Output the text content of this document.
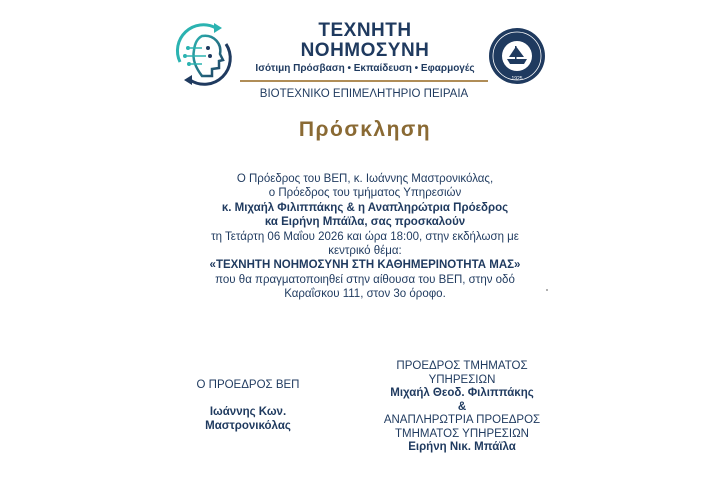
ΤΕΧΝΗΤΗ
ΝΟΗΜΟΣΥΝΗ
Ισότιμη Πρόσβαση • Εκπαίδευση • Εφαρμογές
ΒΙΟΤΕΧΝΙΚΟ ΕΠΙΜΕΛΗΤΗΡΙΟ ΠΕΙΡΑΙΑ
1925
Πρόσκληση
Ο Πρόεδρος του ΒΕΠ, κ. Ιωάννης Μαστρονικόλας,
ο Πρόεδρος του τμήματος Υπηρεσιών
κ. Μιχαήλ Φιλιππάκης & η Αναπληρώτρια Πρόεδρος
κα Ειρήνη Μπάϊλα, σας προσκαλούν
τη Τετάρτη 06 Μαΐου 2026 και ώρα 18:00, στην εκδήλωση με
κεντρικό θέμα:
«ΤΕΧΝΗΤΗ ΝΟΗΜΟΣΥΝΗ ΣΤΗ ΚΑΘΗΜΕΡΙΝΟΤΗΤΑ ΜΑΣ»
που θα πραγματοποιηθεί στην αίθουσα του ΒΕΠ, στην οδό
Καραΐσκου 111, στον 3ο όροφο.
Ο ΠΡΟΕΔΡΟΣ ΒΕΠ
Ιωάννης Κων.
Μαστρονικόλας
ΠΡΟΕΔΡΟΣ ΤΜΗΜΑΤΟΣ
ΥΠΗΡΕΣΙΩΝ
Μιχαήλ Θεοδ. Φιλιππάκης
&
ΑΝΑΠΛΗΡΩΤΡΙΑ ΠΡΟΕΔΡΟΣ
ΤΜΗΜΑΤΟΣ ΥΠΗΡΕΣΙΩΝ
Ειρήνη Νικ. Μπάϊλα
